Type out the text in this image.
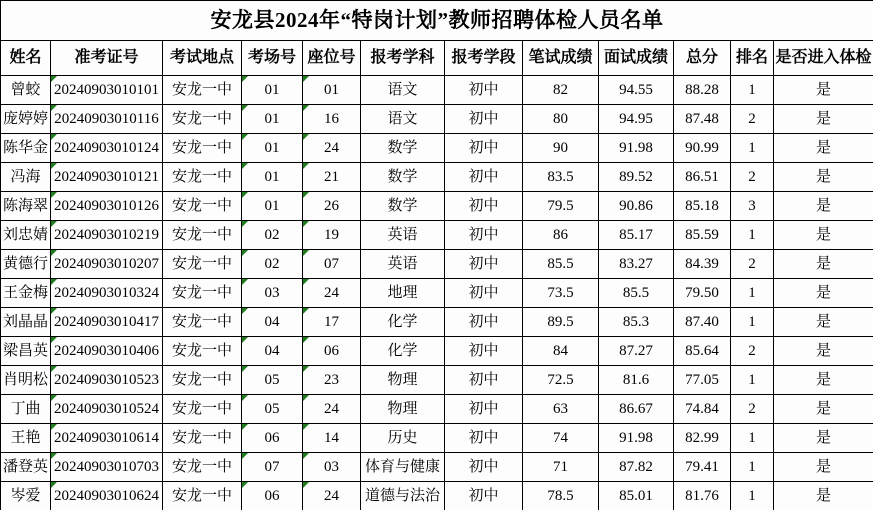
安龙县2024年“特岗计划”教师招聘体检人员名单											
姓名	准考证号	考试地点	考场号	座位号	报考学科	报考学段	笔试成绩	面试成绩	总分	排名	是否进入体检
曾蛟	20240903010101	安龙一中	01	01	语文	初中	82	94.55	88.28	1	是
庞婷婷	20240903010116	安龙一中	01	16	语文	初中	80	94.95	87.48	2	是
陈华金	20240903010124	安龙一中	01	24	数学	初中	90	91.98	90.99	1	是
冯海	20240903010121	安龙一中	01	21	数学	初中	83.5	89.52	86.51	2	是
陈海翠	20240903010126	安龙一中	01	26	数学	初中	79.5	90.86	85.18	3	是
刘忠婧	20240903010219	安龙一中	02	19	英语	初中	86	85.17	85.59	1	是
黄德行	20240903010207	安龙一中	02	07	英语	初中	85.5	83.27	84.39	2	是
王金梅	20240903010324	安龙一中	03	24	地理	初中	73.5	85.5	79.50	1	是
刘晶晶	20240903010417	安龙一中	04	17	化学	初中	89.5	85.3	87.40	1	是
梁昌英	20240903010406	安龙一中	04	06	化学	初中	84	87.27	85.64	2	是
肖明松	20240903010523	安龙一中	05	23	物理	初中	72.5	81.6	77.05	1	是
丁曲	20240903010524	安龙一中	05	24	物理	初中	63	86.67	74.84	2	是
王艳	20240903010614	安龙一中	06	14	历史	初中	74	91.98	82.99	1	是
潘登英	20240903010703	安龙一中	07	03	体育与健康	初中	71	87.82	79.41	1	是
岑爱	20240903010624	安龙一中	06	24	道德与法治	初中	78.5	85.01	81.76	1	是
